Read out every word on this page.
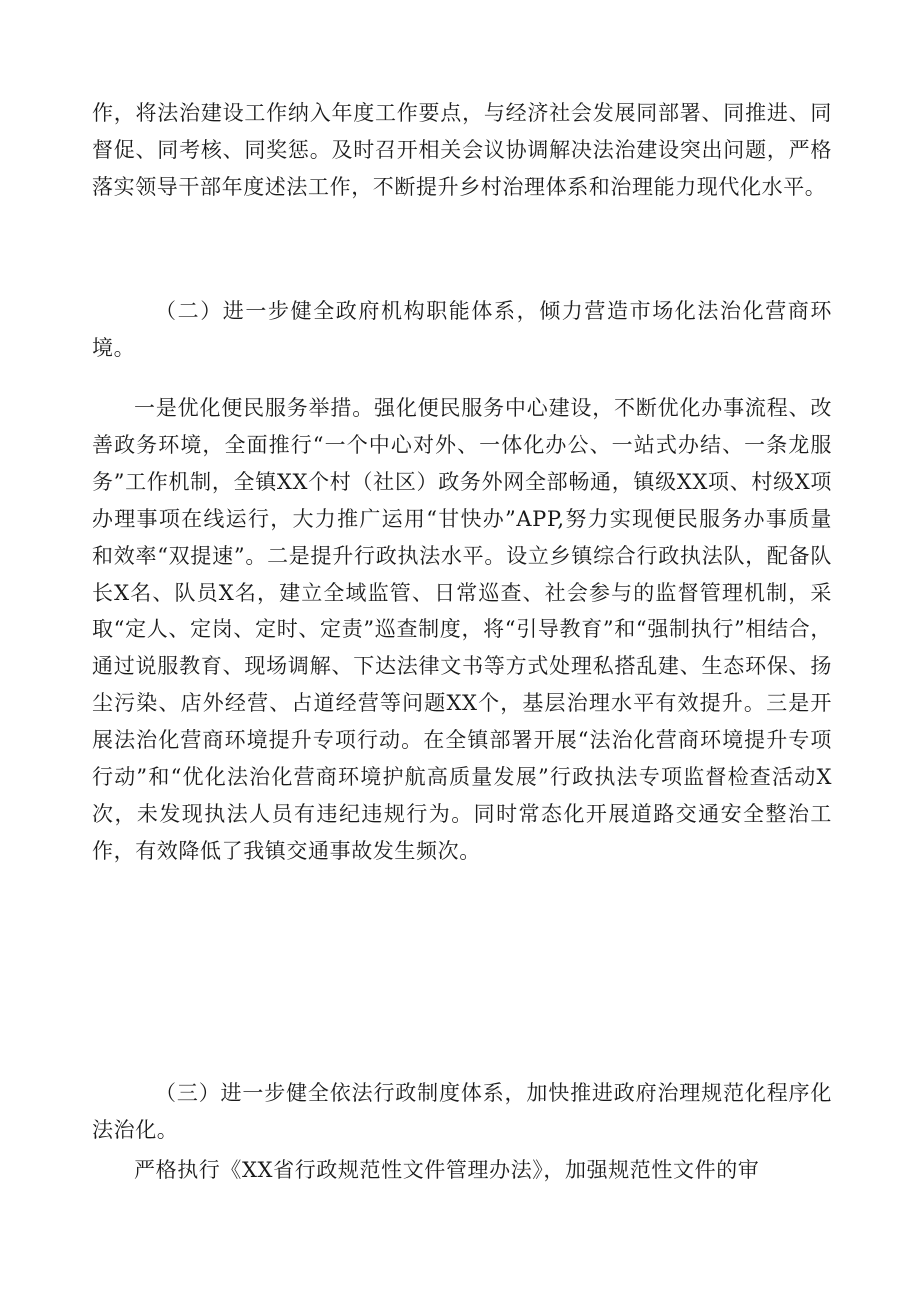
作，将法治建设工作纳入年度工作要点，与经济社会发展同部署、同推进、同督促、同考核、同奖惩。及时召开相关会议协调解决法治建设突出问题，严格落实领导干部年度述法工作，不断提升乡村治理体系和治理能力现代化水平。

（二）进一步健全政府机构职能体系，倾力营造市场化法治化营商环境。

一是优化便民服务举措。强化便民服务中心建设，不断优化办事流程、改善政务环境，全面推行“一个中心对外、一体化办公、一站式办结、一条龙服务”工作机制，全镇XX个村（社区）政务外网全部畅通，镇级XX项、村级X项办理事项在线运行，大力推广运用“甘快办”APP,努力实现便民服务办事质量和效率“双提速”。二是提升行政执法水平。设立乡镇综合行政执法队，配备队长X名、队员X名，建立全域监管、日常巡查、社会参与的监督管理机制，采取“定人、定岗、定时、定责”巡查制度，将“引导教育”和“强制执行”相结合，通过说服教育、现场调解、下达法律文书等方式处理私搭乱建、生态环保、扬尘污染、店外经营、占道经营等问题XX个，基层治理水平有效提升。三是开展法治化营商环境提升专项行动。在全镇部署开展“法治化营商环境提升专项行动”和“优化法治化营商环境护航高质量发展”行政执法专项监督检查活动X次，未发现执法人员有违纪违规行为。同时常态化开展道路交通安全整治工作，有效降低了我镇交通事故发生频次。

（三）进一步健全依法行政制度体系，加快推进政府治理规范化程序化法治化。

严格执行《XX省行政规范性文件管理办法》，加强规范性文件的审
